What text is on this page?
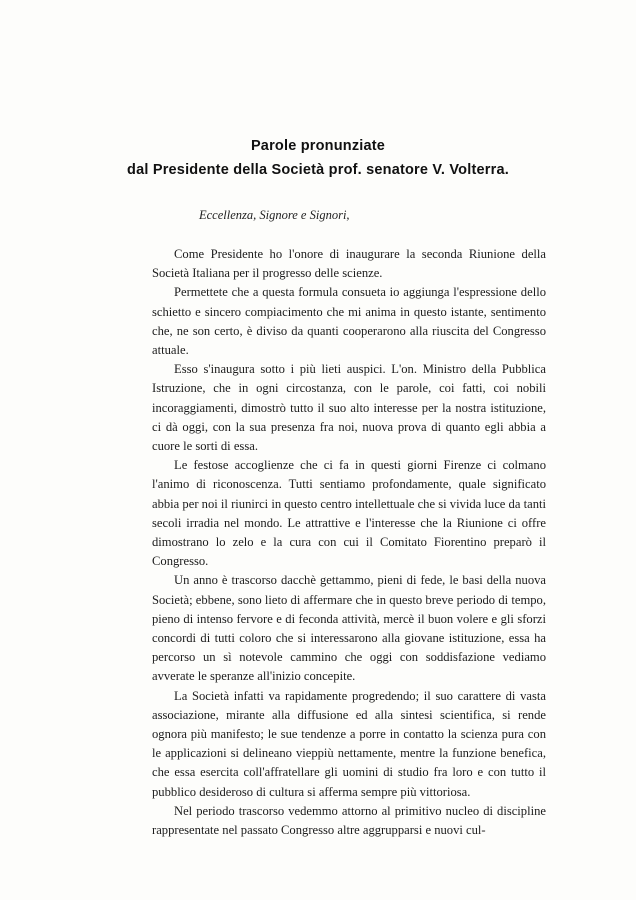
Parole pronunziate
dal Presidente della Società prof. senatore V. Volterra.
Eccellenza, Signore e Signori,

Come Presidente ho l'onore di inaugurare la seconda Riunione della Società Italiana per il progresso delle scienze.

Permettete che a questa formula consueta io aggiunga l'espressione dello schietto e sincero compiacimento che mi anima in questo istante, sentimento che, ne son certo, è diviso da quanti cooperarono alla riuscita del Congresso attuale.

Esso s'inaugura sotto i più lieti auspici. L'on. Ministro della Pubblica Istruzione, che in ogni circostanza, con le parole, coi fatti, coi nobili incoraggiamenti, dimostrò tutto il suo alto interesse per la nostra istituzione, ci dà oggi, con la sua presenza fra noi, nuova prova di quanto egli abbia a cuore le sorti di essa.

Le festose accoglienze che ci fa in questi giorni Firenze ci colmano l'animo di riconoscenza. Tutti sentiamo profondamente, quale significato abbia per noi il riunirci in questo centro intellettuale che si vivida luce da tanti secoli irradia nel mondo. Le attrattive e l'interesse che la Riunione ci offre dimostrano lo zelo e la cura con cui il Comitato Fiorentino preparò il Congresso.

Un anno è trascorso dacchè gettammo, pieni di fede, le basi della nuova Società; ebbene, sono lieto di affermare che in questo breve periodo di tempo, pieno di intenso fervore e di feconda attività, mercè il buon volere e gli sforzi concordi di tutti coloro che si interessarono alla giovane istituzione, essa ha percorso un sì notevole cammino che oggi con soddisfazione vediamo avverate le speranze all'inizio concepite.

La Società infatti va rapidamente progredendo; il suo carattere di vasta associazione, mirante alla diffusione ed alla sintesi scientifica, si rende ognora più manifesto; le sue tendenze a porre in contatto la scienza pura con le applicazioni si delineano vieppiù nettamente, mentre la funzione benefica, che essa esercita coll'affratellare gli uomini di studio fra loro e con tutto il pubblico desideroso di cultura si afferma sempre più vittoriosa.

Nel periodo trascorso vedemmo attorno al primitivo nucleo di discipline rappresentate nel passato Congresso altre aggrupparsi e nuovi cul-
